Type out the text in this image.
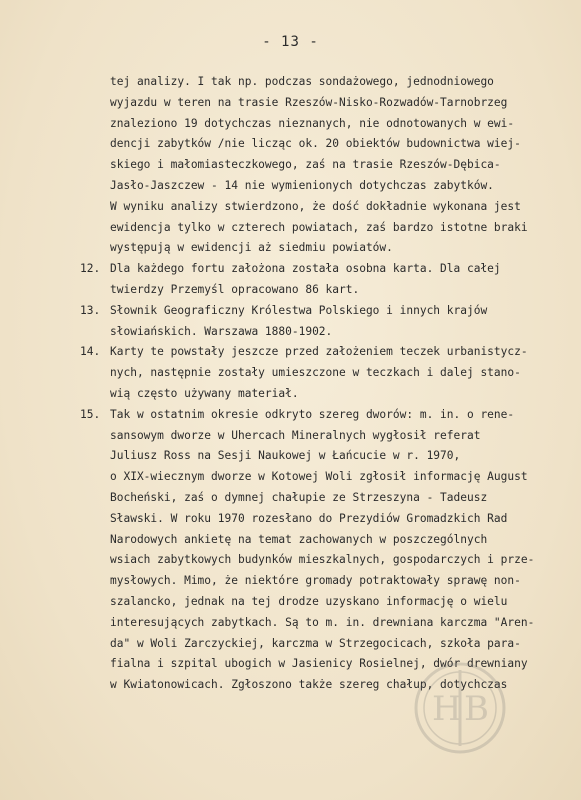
- 13 -
tej analizy. I tak np. podczas sondażowego, jednodniowego
wyjazdu w teren na trasie Rzeszów-Nisko-Rozwadów-Tarnobrzeg
znaleziono 19 dotychczas nieznanych, nie odnotowanych w ewi-
dencji zabytków /nie licząc ok. 20 obiektów budownictwa wiej-
skiego i małomiasteczkowego, zaś na trasie Rzeszów-Dębica-
Jasło-Jaszczew - 14 nie wymienionych dotychczas zabytków.
W wyniku analizy stwierdzono, że dość dokładnie wykonana jest
ewidencja tylko w czterech powiatach, zaś bardzo istotne braki
występują w ewidencji aż siedmiu powiatów.
12. Dla każdego fortu założona została osobna karta. Dla całej
twierdzy Przemyśl opracowano 86 kart.
13. Słownik Geograficzny Królestwa Polskiego i innych krajów
słowiańskich. Warszawa 1880-1902.
14. Karty te powstały jeszcze przed założeniem teczek urbanistycz-
nych, następnie zostały umieszczone w teczkach i dalej stano-
wią często używany materiał.
15. Tak w ostatnim okresie odkryto szereg dworów: m. in. o rene-
sansowym dworze w Uhercach Mineralnych wygłosił referat
Juliusz Ross na Sesji Naukowej w Łańcucie w r. 1970,
o XIX-wiecznym dworze w Kotowej Woli zgłosił informację August
Bocheński, zaś o dymnej chałupie ze Strzeszyna - Tadeusz
Sławski. W roku 1970 rozesłano do Prezydiów Gromadzkich Rad
Narodowych ankietę na temat zachowanych w poszczególnych
wsiach zabytkowych budynków mieszkalnych, gospodarczych i prze-
mysłowych. Mimo, że niektóre gromady potraktowały sprawę non-
szalancko, jednak na tej drodze uzyskano informację o wielu
interesujących zabytkach. Są to m. in. drewniana karczma "Aren-
da" w Woli Zarczyckiej, karczma w Strzegocicach, szkoła para-
fialna i szpital ubogich w Jasienicy Rosielnej, dwór drewniany
w Kwiatonowicach. Zgłoszono także szereg chałup, dotychczas
H B
